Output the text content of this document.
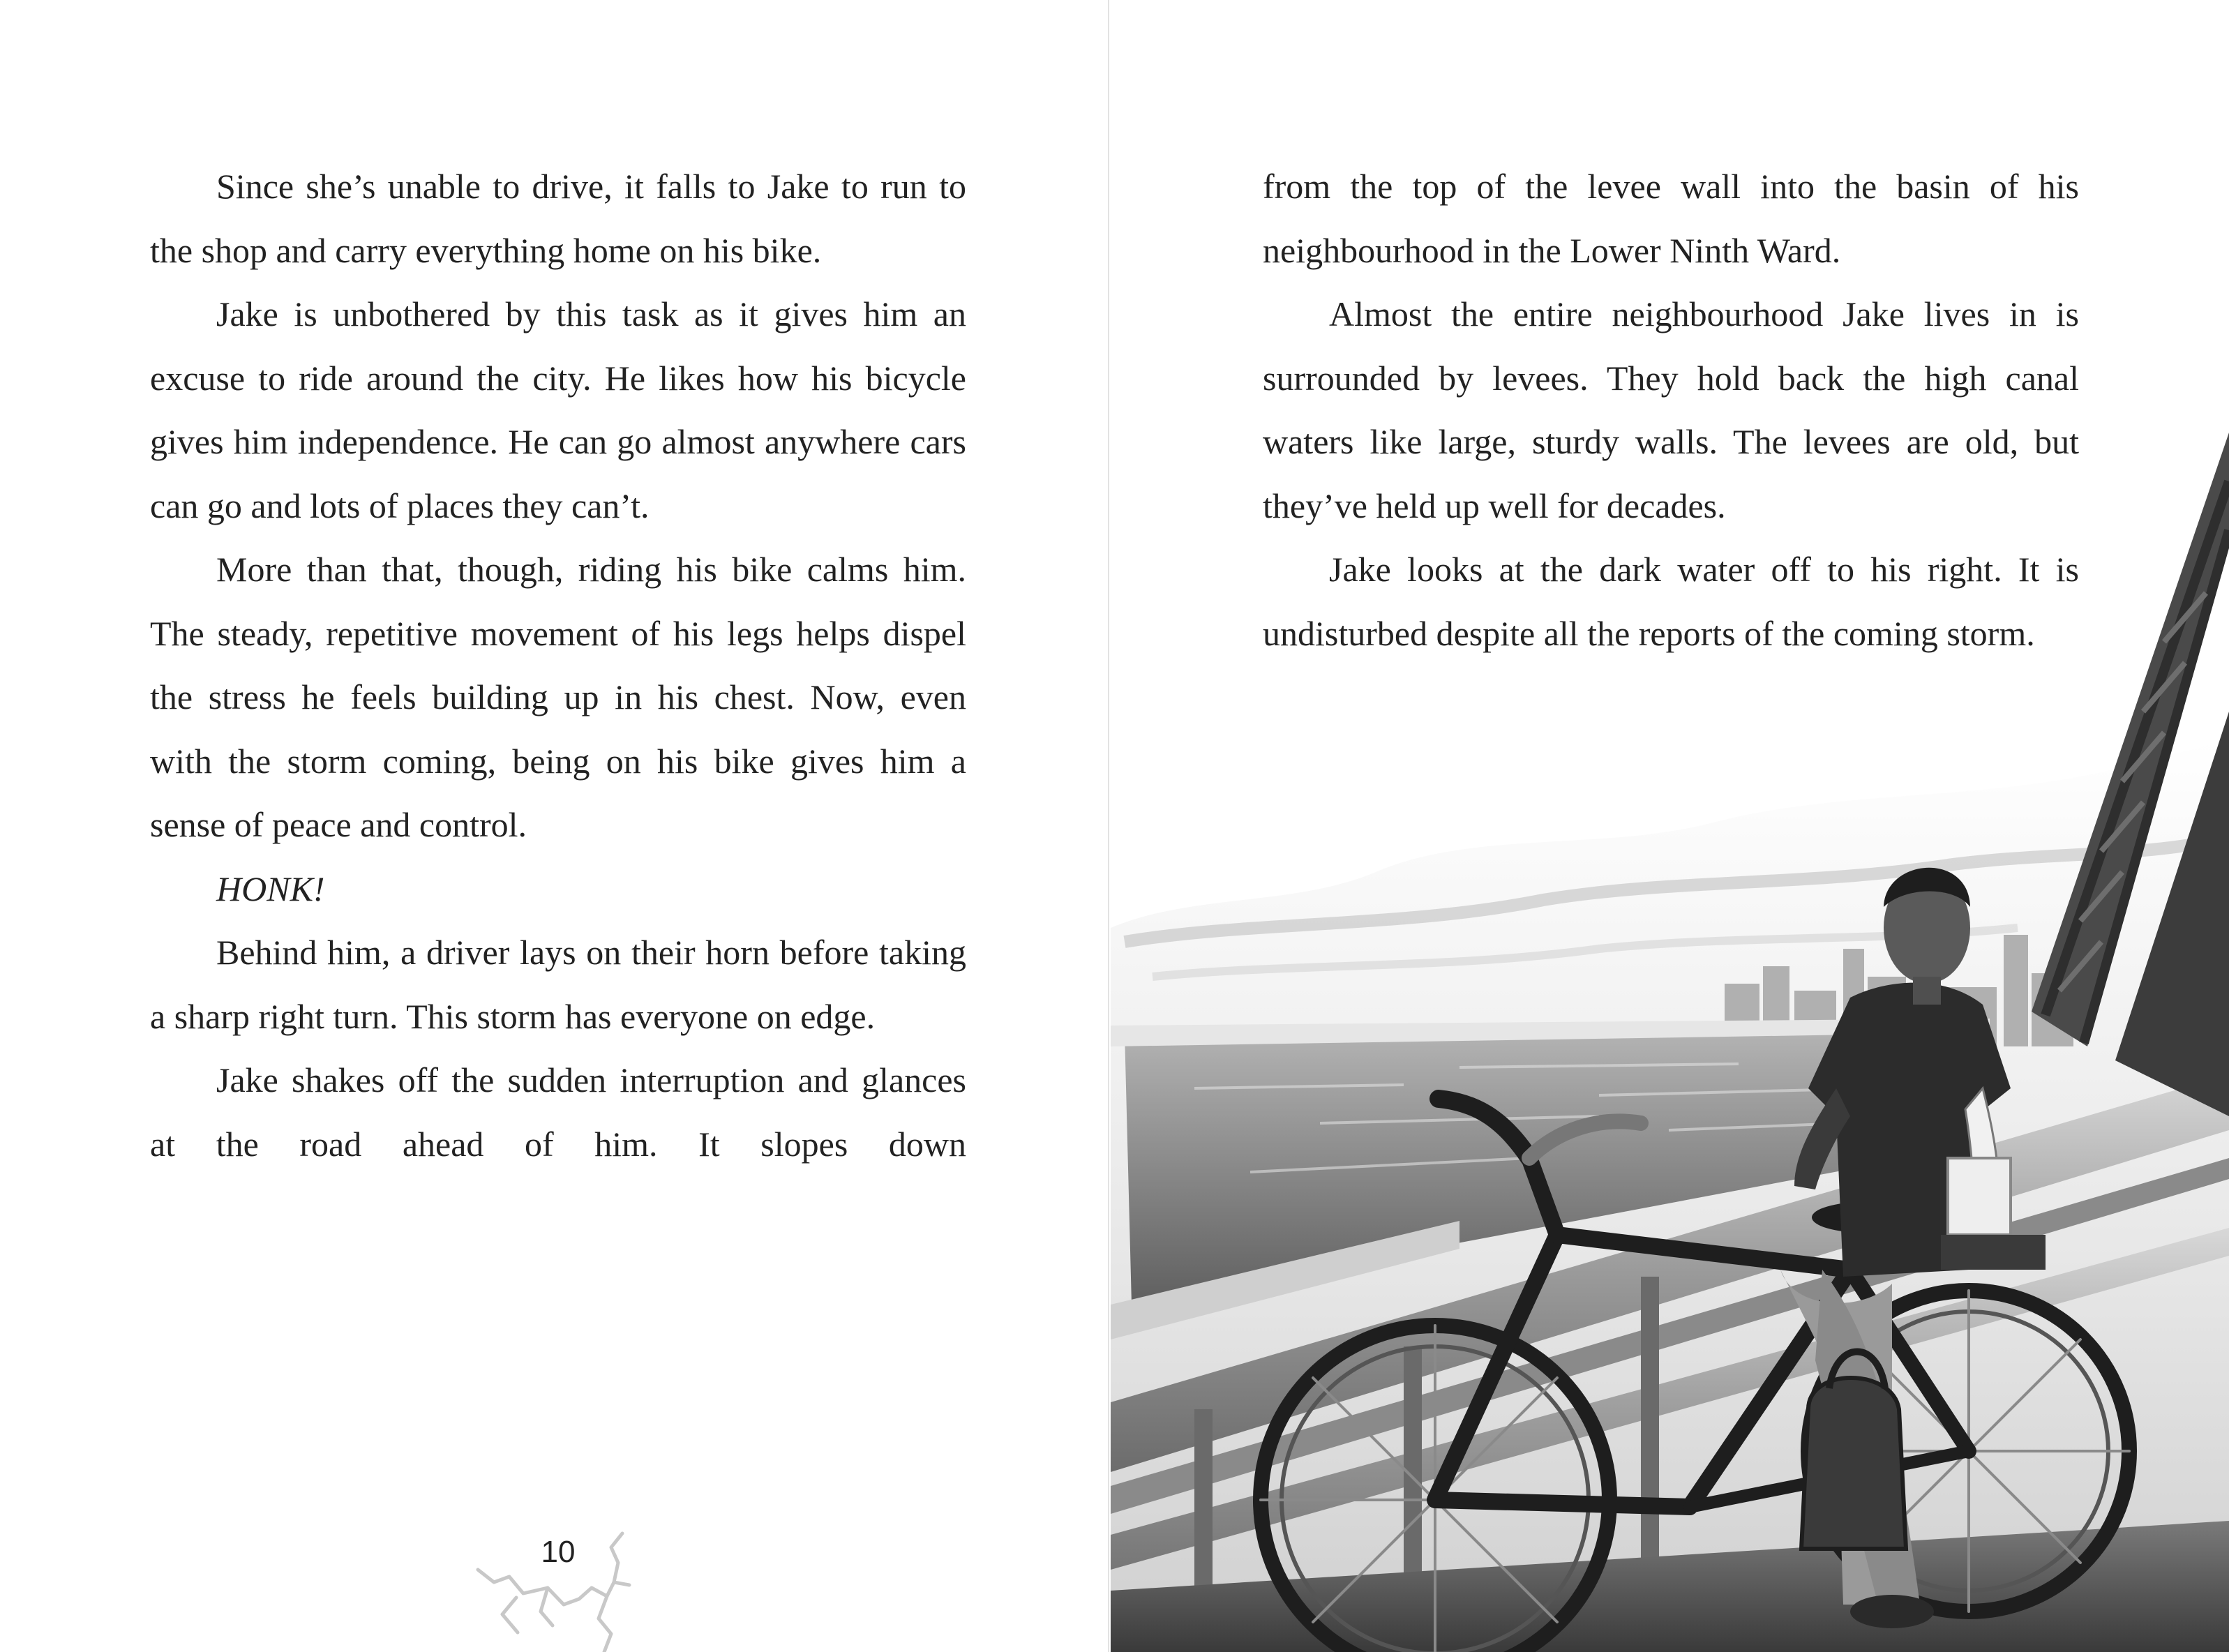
Since she’s unable to drive, it falls to Jake to run to the shop and carry everything home on his bike.

Jake is unbothered by this task as it gives him an excuse to ride around the city. He likes how his bicycle gives him independence. He can go almost anywhere cars can go and lots of places they can’t.

More than that, though, riding his bike calms him. The steady, repetitive movement of his legs helps dispel the stress he feels building up in his chest. Now, even with the storm coming, being on his bike gives him a sense of peace and control.

HONK!

Behind him, a driver lays on their horn before taking a sharp right turn. This storm has everyone on edge.

Jake shakes off the sudden interruption and glances at the road ahead of him. It slopes down

10

from the top of the levee wall into the basin of his neighbourhood in the Lower Ninth Ward.

Almost the entire neighbourhood Jake lives in is surrounded by levees. They hold back the high canal waters like large, sturdy walls. The levees are old, but they’ve held up well for decades.

Jake looks at the dark water off to his right. It is undisturbed despite all the reports of the coming storm.
